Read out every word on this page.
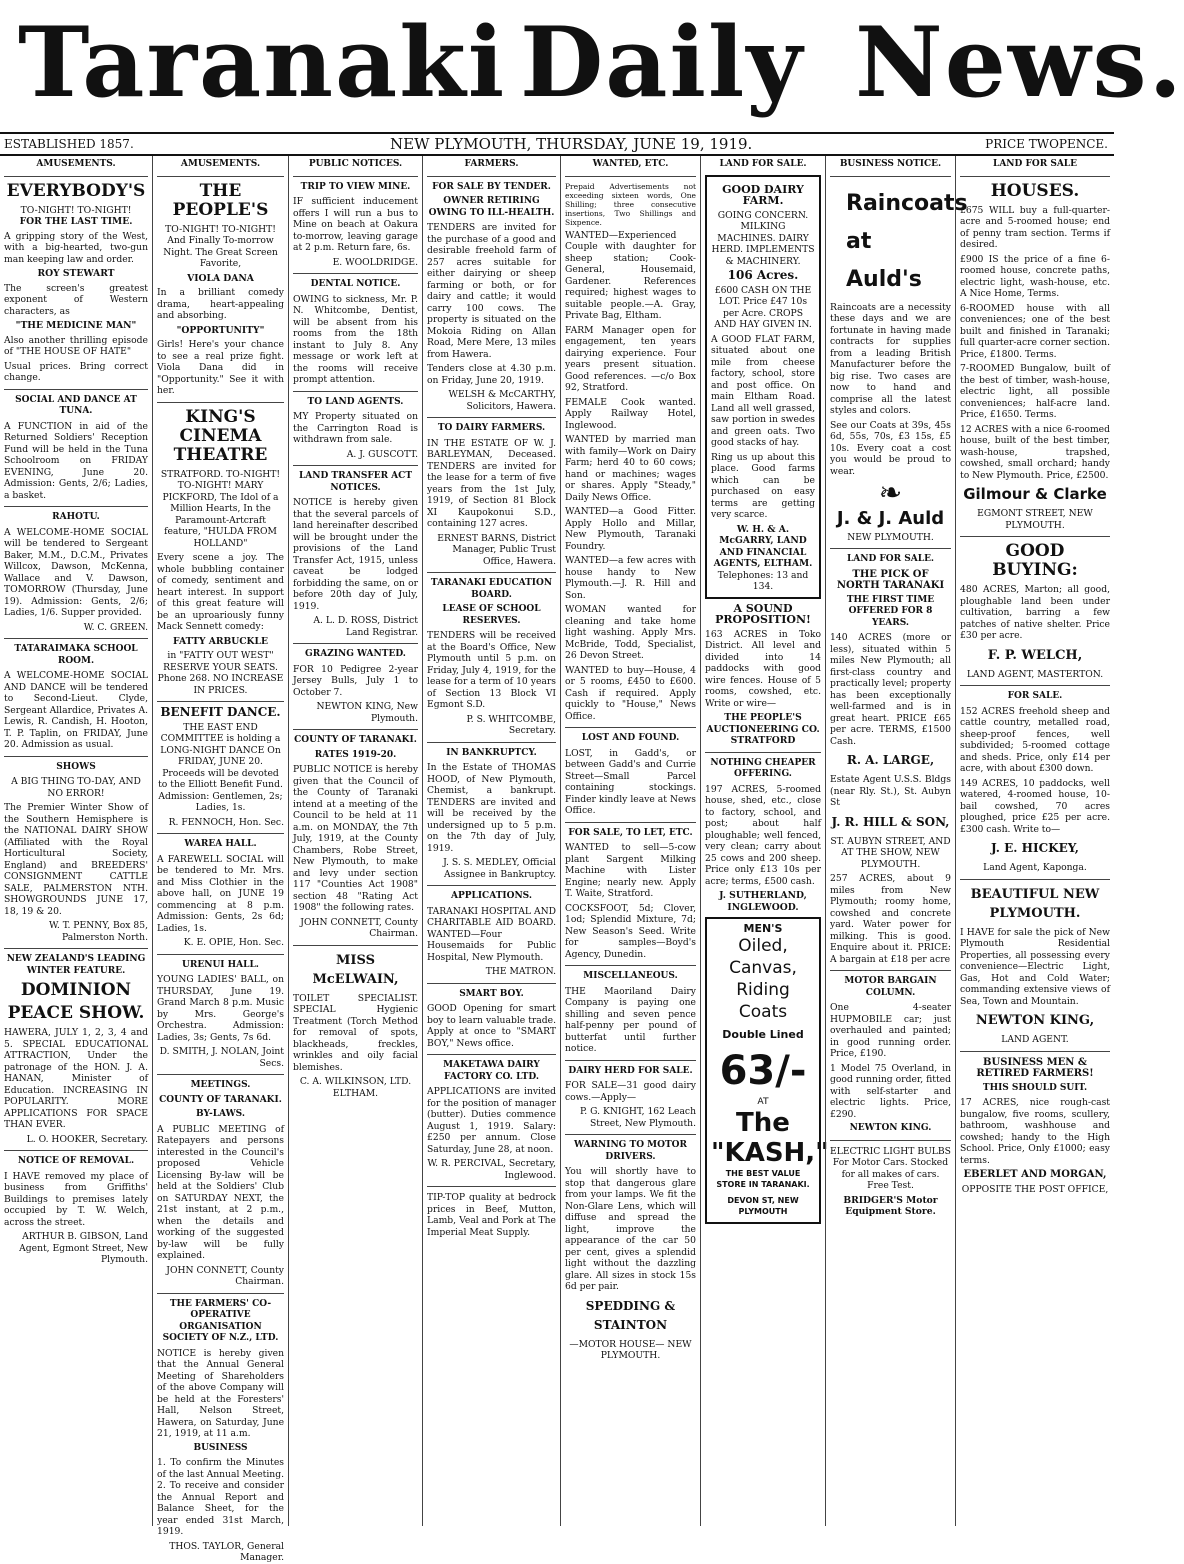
Taranaki Daily News.
ESTABLISHED 1857.	NEW PLYMOUTH, THURSDAY, JUNE 19, 1919.	PRICE TWOPENCE.
AMUSEMENTS.
EVERYBODY'S
TO-NIGHT! TO-NIGHT!
FOR THE LAST TIME.

A gripping story of the West, with a big-hearted, two-gun man keeping law and order.

ROY STEWART

The screen's greatest exponent of Western characters, as

"THE MEDICINE MAN"

Also another thrilling episode of "THE HOUSE OF HATE"

Usual prices. Bring correct change.

SOCIAL AND DANCE AT TUNA.

A FUNCTION in aid of the Returned Soldiers' Reception Fund will be held in the Tuna Schoolroom on FRIDAY EVENING, June 20. Admission: Gents, 2/6; Ladies, a basket.

RAHOTU.

A WELCOME-HOME SOCIAL will be tendered to Sergeant Baker, M.M., D.C.M., Privates Willcox, Dawson, McKenna, Wallace and V. Dawson, TOMORROW (Thursday, June 19). Admission: Gents, 2/6; Ladies, 1/6. Supper provided.

W. C. GREEN.
TATARAIMAKA SCHOOL ROOM.

A WELCOME-HOME SOCIAL AND DANCE will be tendered to Second-Lieut. Clyde, Sergeant Allardice, Privates A. Lewis, R. Candish, H. Hooton, T. P. Taplin, on FRIDAY, June 20. Admission as usual.

SHOWS

A BIG THING TO-DAY, AND NO ERROR!

The Premier Winter Show of the Southern Hemisphere is the NATIONAL DAIRY SHOW (Affiliated with the Royal Horticultural Society, England) and BREEDERS' CONSIGNMENT CATTLE SALE, PALMERSTON NTH. SHOWGROUNDS JUNE 17, 18, 19 & 20.

W. T. PENNY, Box 85, Palmerston North.
NEW ZEALAND'S LEADING WINTER FEATURE.
DOMINION
PEACE SHOW.

HAWERA, JULY 1, 2, 3, 4 and 5. SPECIAL EDUCATIONAL ATTRACTION, Under the patronage of the HON. J. A. HANAN, Minister of Education. INCREASING IN POPULARITY. MORE APPLICATIONS FOR SPACE THAN EVER.

L. O. HOOKER, Secretary.
NOTICE OF REMOVAL.

I HAVE removed my place of business from Griffiths' Buildings to premises lately occupied by T. W. Welch, across the street.

ARTHUR B. GIBSON, Land Agent, Egmont Street, New Plymouth.
AMUSEMENTS.
THE PEOPLE'S

TO-NIGHT! TO-NIGHT! And Finally To-morrow Night. The Great Screen Favorite,

VIOLA DANA

In a brilliant comedy drama, heart-appealing and absorbing.

"OPPORTUNITY"

Girls! Here's your chance to see a real prize fight. Viola Dana did in "Opportunity." See it with her.

KING'S CINEMA THEATRE

STRATFORD. TO-NIGHT! TO-NIGHT! MARY PICKFORD, The Idol of a Million Hearts, In the Paramount-Artcraft feature, "HULDA FROM HOLLAND"

Every scene a joy. The whole bubbling container of comedy, sentiment and heart interest. In support of this great feature will be an uproariously funny Mack Sennett comedy:

FATTY ARBUCKLE

in "FATTY OUT WEST" RESERVE YOUR SEATS. Phone 268. NO INCREASE IN PRICES.

BENEFIT DANCE.

THE EAST END COMMITTEE is holding a LONG-NIGHT DANCE On FRIDAY, JUNE 20. Proceeds will be devoted to the Elliott Benefit Fund. Admission: Gentlemen, 2s; Ladies, 1s.

R. FENNOCH, Hon. Sec.
WAREA HALL.

A FAREWELL SOCIAL will be tendered to Mr. Mrs. and Miss Clothier in the above hall, on JUNE 19 commencing at 8 p.m. Admission: Gents, 2s 6d; Ladies, 1s.

K. E. OPIE, Hon. Sec.
URENUI HALL.

YOUNG LADIES' BALL, on THURSDAY, June 19. Grand March 8 p.m. Music by Mrs. George's Orchestra. Admission: Ladies, 3s; Gents, 7s 6d.

D. SMITH, J. NOLAN, Joint Secs.
MEETINGS.
COUNTY OF TARANAKI.
BY-LAWS.

A PUBLIC MEETING of Ratepayers and persons interested in the Council's proposed Vehicle Licensing By-law will be held at the Soldiers' Club on SATURDAY NEXT, the 21st instant, at 2 p.m., when the details and working of the suggested by-law will be fully explained.

JOHN CONNETT, County Chairman.
THE FARMERS' CO-OPERATIVE ORGANISATION SOCIETY OF N.Z., LTD.

NOTICE is hereby given that the Annual General Meeting of Shareholders of the above Company will be held at the Foresters' Hall, Nelson Street, Hawera, on Saturday, June 21, 1919, at 11 a.m.

BUSINESS

1. To confirm the Minutes of the last Annual Meeting. 2. To receive and consider the Annual Report and Balance Sheet, for the year ended 31st March, 1919.

THOS. TAYLOR, General Manager.
PUBLIC NOTICES.
TRIP TO VIEW MINE.

IF sufficient inducement offers I will run a bus to Mine on beach at Oakura to-morrow, leaving garage at 2 p.m. Return fare, 6s.

E. WOOLDRIDGE.
DENTAL NOTICE.

OWING to sickness, Mr. P. N. Whitcombe, Dentist, will be absent from his rooms from the 18th instant to July 8. Any message or work left at the rooms will receive prompt attention.

TO LAND AGENTS.

MY Property situated on the Carrington Road is withdrawn from sale.

A. J. GUSCOTT.
LAND TRANSFER ACT NOTICES.

NOTICE is hereby given that the several parcels of land hereinafter described will be brought under the provisions of the Land Transfer Act, 1915, unless caveat be lodged forbidding the same, on or before 20th day of July, 1919.

A. L. D. ROSS, District Land Registrar.
GRAZING WANTED.

FOR 10 Pedigree 2-year Jersey Bulls, July 1 to October 7.

NEWTON KING, New Plymouth.
COUNTY OF TARANAKI.
RATES 1919-20.

PUBLIC NOTICE is hereby given that the Council of the County of Taranaki intend at a meeting of the Council to be held at 11 a.m. on MONDAY, the 7th July, 1919, at the County Chambers, Robe Street, New Plymouth, to make and levy under section 117 "Counties Act 1908" section 48 "Rating Act 1908" the following rates.

JOHN CONNETT, County Chairman.
MISS McELWAIN,

TOILET SPECIALIST. SPECIAL Hygienic Treatment (Torch Method for removal of spots, blackheads, freckles, wrinkles and oily facial blemishes.

C. A. WILKINSON, LTD. ELTHAM.
FARMERS.
FOR SALE BY TENDER.
OWNER RETIRING OWING TO ILL-HEALTH.

TENDERS are invited for the purchase of a good and desirable freehold farm of 257 acres suitable for either dairying or sheep farming or both, or for dairy and cattle; it would carry 100 cows. The property is situated on the Mokoia Riding on Allan Road, Mere Mere, 13 miles from Hawera.

Tenders close at 4.30 p.m. on Friday, June 20, 1919.

WELSH & McCARTHY, Solicitors, Hawera.
TO DAIRY FARMERS.

IN THE ESTATE OF W. J. BARLEYMAN, Deceased. TENDERS are invited for the lease for a term of five years from the 1st July, 1919, of Section 81 Block XI Kaupokonui S.D., containing 127 acres.

ERNEST BARNS, District Manager, Public Trust Office, Hawera.
TARANAKI EDUCATION BOARD.
LEASE OF SCHOOL RESERVES.

TENDERS will be received at the Board's Office, New Plymouth until 5 p.m. on Friday, July 4, 1919, for the lease for a term of 10 years of Section 13 Block VI Egmont S.D.

P. S. WHITCOMBE, Secretary.
IN BANKRUPTCY.

In the Estate of THOMAS HOOD, of New Plymouth, Chemist, a bankrupt. TENDERS are invited and will be received by the undersigned up to 5 p.m. on the 7th day of July, 1919.

J. S. S. MEDLEY, Official Assignee in Bankruptcy.
APPLICATIONS.

TARANAKI HOSPITAL AND CHARITABLE AID BOARD. WANTED—Four Housemaids for Public Hospital, New Plymouth.

THE MATRON.
SMART BOY.

GOOD Opening for smart boy to learn valuable trade. Apply at once to "SMART BOY," News office.

MAKETAWA DAIRY FACTORY CO. LTD.

APPLICATIONS are invited for the position of manager (butter). Duties commence August 1, 1919. Salary: £250 per annum. Close Saturday, June 28, at noon.

W. R. PERCIVAL, Secretary, Inglewood.

TIP-TOP quality at bedrock prices in Beef, Mutton, Lamb, Veal and Pork at The Imperial Meat Supply.

WANTED, ETC.

Prepaid Advertisements not exceeding sixteen words, One Shilling; three consecutive insertions, Two Shillings and Sixpence.

WANTED—Experienced Couple with daughter for sheep station; Cook-General, Housemaid, Gardener. References required; highest wages to suitable people.—A. Gray, Private Bag, Eltham.

FARM Manager open for engagement, ten years dairying experience. Four years present situation. Good references. —c/o Box 92, Stratford.

FEMALE Cook wanted. Apply Railway Hotel, Inglewood.

WANTED by married man with family—Work on Dairy Farm; herd 40 to 60 cows; hand or machines; wages or shares. Apply "Steady," Daily News Office.

WANTED—a Good Fitter. Apply Hollo and Millar, New Plymouth, Taranaki Foundry.

WANTED—a few acres with house handy to New Plymouth.—J. R. Hill and Son.

WOMAN wanted for cleaning and take home light washing. Apply Mrs. McBride, Todd, Specialist, 26 Devon Street.

WANTED to buy—House, 4 or 5 rooms, £450 to £600. Cash if required. Apply quickly to "House," News Office.

LOST AND FOUND.

LOST, in Gadd's, or between Gadd's and Currie Street—Small Parcel containing stockings. Finder kindly leave at News Office.

FOR SALE, TO LET, ETC.

WANTED to sell—5-cow plant Sargent Milking Machine with Lister Engine; nearly new. Apply T. Waite, Stratford.

COCKSFOOT, 5d; Clover, 1od; Splendid Mixture, 7d; New Season's Seed. Write for samples—Boyd's Agency, Dunedin.

MISCELLANEOUS.

THE Maoriland Dairy Company is paying one shilling and seven pence half-penny per pound of butterfat until further notice.

DAIRY HERD FOR SALE.

FOR SALE—31 good dairy cows.—Apply—

P. G. KNIGHT, 162 Leach Street, New Plymouth.
WARNING TO MOTOR DRIVERS.

You will shortly have to stop that dangerous glare from your lamps. We fit the Non-Glare Lens, which will diffuse and spread the light, improve the appearance of the car 50 per cent, gives a splendid light without the dazzling glare. All sizes in stock 15s 6d per pair.

SPEDDING & STAINTON
—MOTOR HOUSE— NEW PLYMOUTH.
LAND FOR SALE.
GOOD DAIRY FARM.

GOING CONCERN. MILKING MACHINES. DAIRY HERD. IMPLEMENTS & MACHINERY.

106 Acres.

£600 CASH ON THE LOT. Price £47 10s per Acre. CROPS AND HAY GIVEN IN.

A GOOD FLAT FARM, situated about one mile from cheese factory, school, store and post office. On main Eltham Road. Land all well grassed, saw portion in swedes and green oats. Two good stacks of hay.

Ring us up about this place. Good farms which can be purchased on easy terms are getting very scarce.

W. H. & A. McGARRY, LAND AND FINANCIAL AGENTS, ELTHAM.
Telephones: 13 and 134.
A SOUND PROPOSITION!

163 ACRES in Toko District. All level and divided into 14 paddocks with good wire fences. House of 5 rooms, cowshed, etc. Write or wire—

THE PEOPLE'S AUCTIONEERING CO. STRATFORD
NOTHING CHEAPER OFFERING.

197 ACRES, 5-roomed house, shed, etc., close to factory, school, and post; about half ploughable; well fenced, very clean; carry about 25 cows and 200 sheep. Price only £13 10s per acre; terms, £500 cash.

J. SUTHERLAND, INGLEWOOD.
MEN'S
Oiled, Canvas, Riding Coats
Double Lined
63/-
AT
The "KASH,"
THE BEST VALUE STORE IN TARANAKI.
DEVON ST, NEW PLYMOUTH
BUSINESS NOTICE.
Raincoats
at
Auld's

Raincoats are a necessity these days and we are fortunate in having made contracts for supplies from a leading British Manufacturer before the big rise. Two cases are now to hand and comprise all the latest styles and colors.

See our Coats at 39s, 45s 6d, 55s, 70s, £3 15s, £5 10s. Every coat a cost you would be proud to wear.

❧
J. & J. Auld
NEW PLYMOUTH.
LAND FOR SALE.
THE PICK OF NORTH TARANAKI
THE FIRST TIME OFFERED FOR 8 YEARS.

140 ACRES (more or less), situated within 5 miles New Plymouth; all first-class country and practically level; property has been exceptionally well-farmed and is in great heart. PRICE £65 per acre. TERMS, £1500 Cash.

R. A. LARGE,

Estate Agent U.S.S. Bldgs (near Rly. St.), St. Aubyn St

J. R. HILL & SON,

ST. AUBYN STREET, AND AT THE SHOW, NEW PLYMOUTH.

257 ACRES, about 9 miles from New Plymouth; roomy home, cowshed and concrete yard. Water power for milking. This is good. Enquire about it. PRICE: A bargain at £18 per acre

MOTOR BARGAIN COLUMN.

One 4-seater HUPMOBILE car; just overhauled and painted; in good running order. Price, £190.

1 Model 75 Overland, in good running order, fitted with self-starter and electric lights. Price, £290.

NEWTON KING.

ELECTRIC LIGHT BULBS For Motor Cars. Stocked for all makes of cars. Free Test.

BRIDGER'S Motor Equipment Store.
LAND FOR SALE
HOUSES.

£675 WILL buy a full-quarter-acre and 5-roomed house; end of penny tram section. Terms if desired.

£900 IS the price of a fine 6-roomed house, concrete paths, electric light, wash-house, etc. A Nice Home, Terms.

6-ROOMED house with all conveniences; one of the best built and finished in Taranaki; full quarter-acre corner section. Price, £1800. Terms.

7-ROOMED Bungalow, built of the best of timber, wash-house, electric light, all possible conveniences; half-acre land. Price, £1650. Terms.

12 ACRES with a nice 6-roomed house, built of the best timber, wash-house, trapshed, cowshed, small orchard; handy to New Plymouth. Price, £2500.

Gilmour & Clarke
EGMONT STREET, NEW PLYMOUTH.
GOOD BUYING:

480 ACRES, Marton; all good, ploughable land been under cultivation, barring a few patches of native shelter. Price £30 per acre.

F. P. WELCH,
LAND AGENT, MASTERTON.
FOR SALE.

152 ACRES freehold sheep and cattle country, metalled road, sheep-proof fences, well subdivided; 5-roomed cottage and sheds. Price, only £14 per acre, with about £300 down.

149 ACRES, 10 paddocks, well watered, 4-roomed house, 10-bail cowshed, 70 acres ploughed, price £25 per acre. £300 cash. Write to—

J. E. HICKEY,
Land Agent, Kaponga.
BEAUTIFUL NEW PLYMOUTH.

I HAVE for sale the pick of New Plymouth Residential Properties, all possessing every convenience—Electric Light, Gas, Hot and Cold Water; commanding extensive views of Sea, Town and Mountain.

NEWTON KING,
LAND AGENT.
BUSINESS MEN & RETIRED FARMERS!
THIS SHOULD SUIT.

17 ACRES, nice rough-cast bungalow, five rooms, scullery, bathroom, washhouse and cowshed; handy to the High School. Price, Only £1000; easy terms.

EBERLET AND MORGAN,
OPPOSITE THE POST OFFICE,
